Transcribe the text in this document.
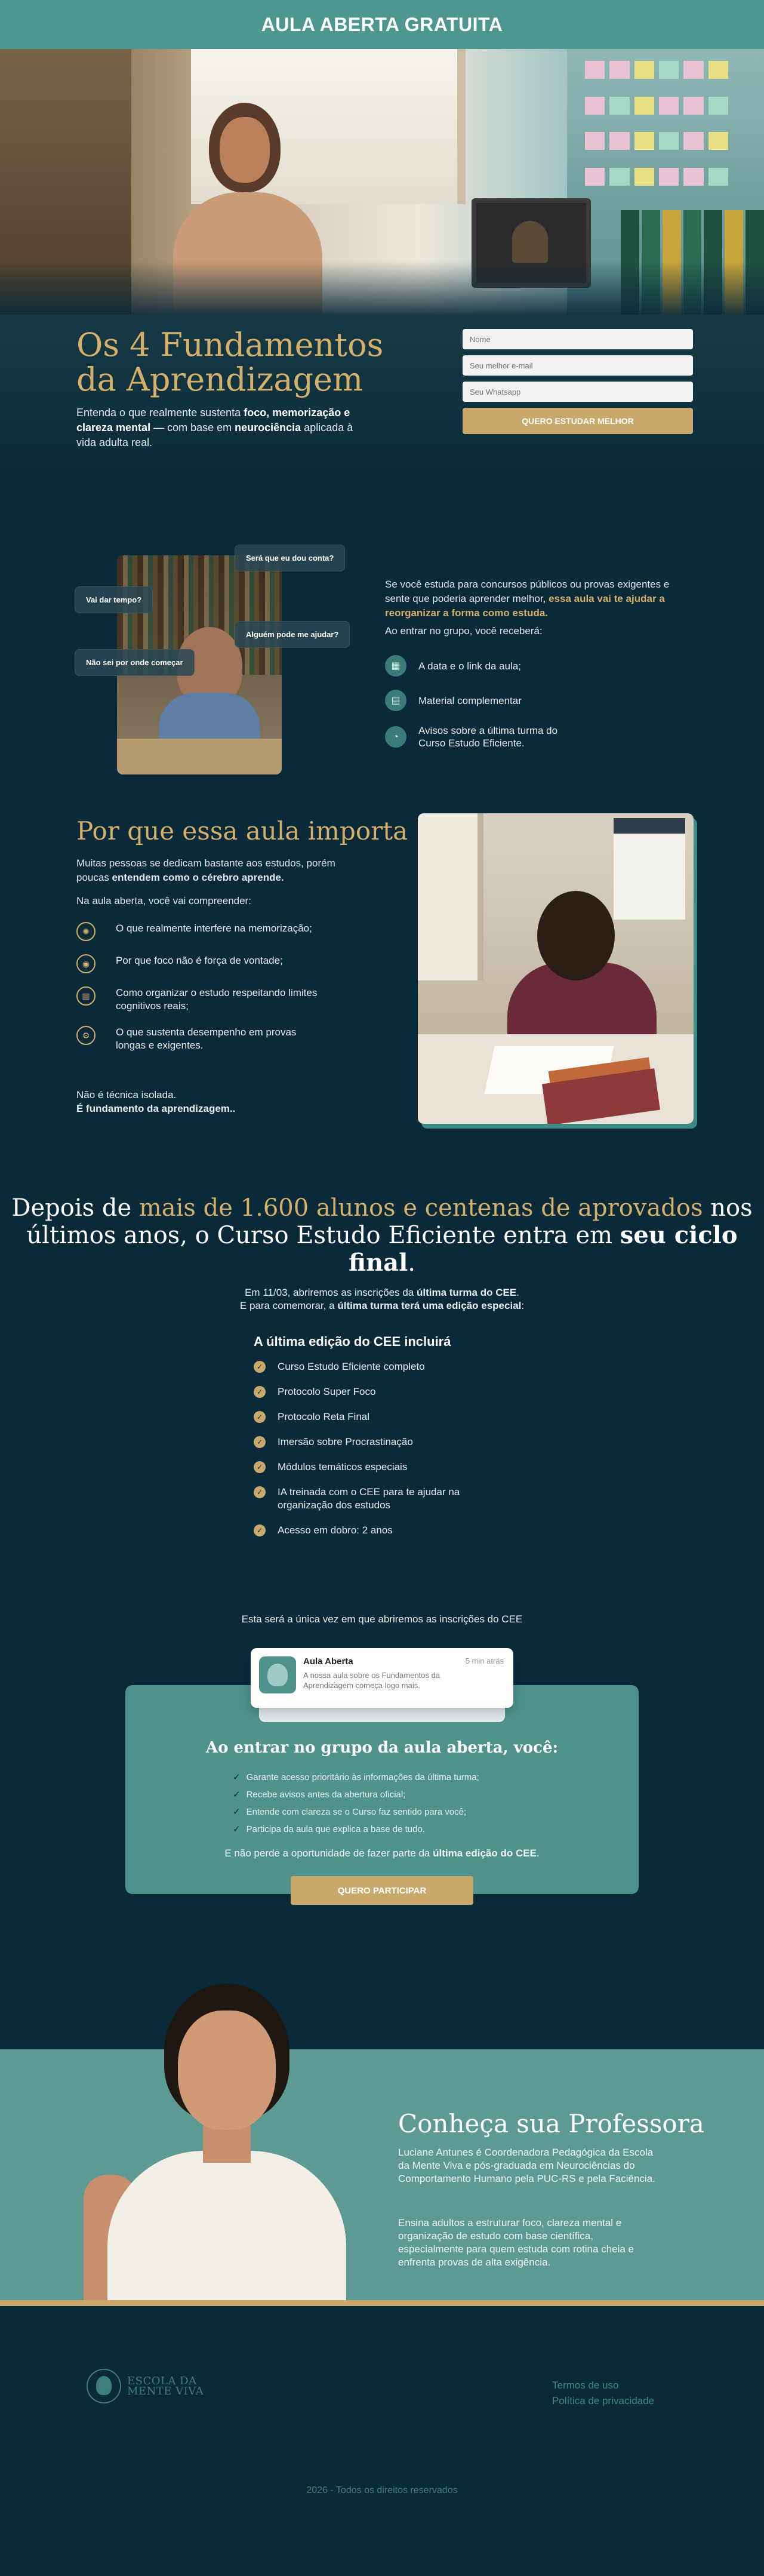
AULA ABERTA GRATUITA
Os 4 Fundamentos
da Aprendizagem

Entenda o que realmente sustenta foco, memorização e clareza mental — com base em neurociência aplicada à vida adulta real.

Nome
Seu melhor e-mail
Seu Whatsapp QUERO ESTUDAR MELHOR
Será que eu dou conta?
Vai dar tempo?
Alguém pode me ajudar?
Não sei por onde começar

Se você estuda para concursos públicos ou provas exigentes e sente que poderia aprender melhor, essa aula vai te ajudar a reorganizar a forma como estuda.

Ao entrar no grupo, você receberá:

▦	A data e o link da aula;
▤	Material complementar
◔
Avisos sobre a última turma do Curso Estudo Eficiente.
Por que essa aula importa

Muitas pessoas se dedicam bastante aos estudos, porém poucas entendem como o cérebro aprende.

Na aula aberta, você vai compreender:

✺	O que realmente interfere na memorização;
◉	Por que foco não é força de vontade;
▥	Como organizar o estudo respeitando limites cognitivos reais;
⚙	O que sustenta desempenho em provas longas e exigentes.

Não é técnica isolada.
É fundamento da aprendizagem..

Depois de mais de 1.600 alunos e centenas de aprovados nos últimos anos, o Curso Estudo Eficiente entra em seu ciclo final.

Em 11/03, abriremos as inscrições da última turma do CEE.
E para comemorar, a última turma terá uma edição especial:

A última edição do CEE incluirá
✓ Curso Estudo Eficiente completo
✓ Protocolo Super Foco
✓ Protocolo Reta Final
✓ Imersão sobre Procrastinação
✓ Módulos temáticos especiais
✓ IA treinada com o CEE para te ajudar na organização dos estudos
✓ Acesso em dobro: 2 anos

Esta será a única vez em que abriremos as inscrições do CEE

Aula Aberta	5 min atrás
A nossa aula sobre os Fundamentos da Aprendizagem começa logo mais.
Ao entrar no grupo da aula aberta, você:
✓ Garante acesso prioritário às informações da última turma;
✓ Recebe avisos antes da abertura oficial;
✓ Entende com clareza se o Curso faz sentido para você;
✓ Participa da aula que explica a base de tudo.

E não perde a oportunidade de fazer parte da última edição do CEE.

QUERO PARTICIPAR
Conheça sua Professora

Luciane Antunes é Coordenadora Pedagógica da Escola da Mente Viva e pós-graduada em Neurociências do Comportamento Humano pela PUC-RS e pela Faciência.

Ensina adultos a estruturar foco, clareza mental e organização de estudo com base científica, especialmente para quem estuda com rotina cheia e enfrenta provas de alta exigência.

ESCOLA DA
MENTE VIVA	Termos de uso
Política de privacidade

2026 - Todos os direitos reservados
